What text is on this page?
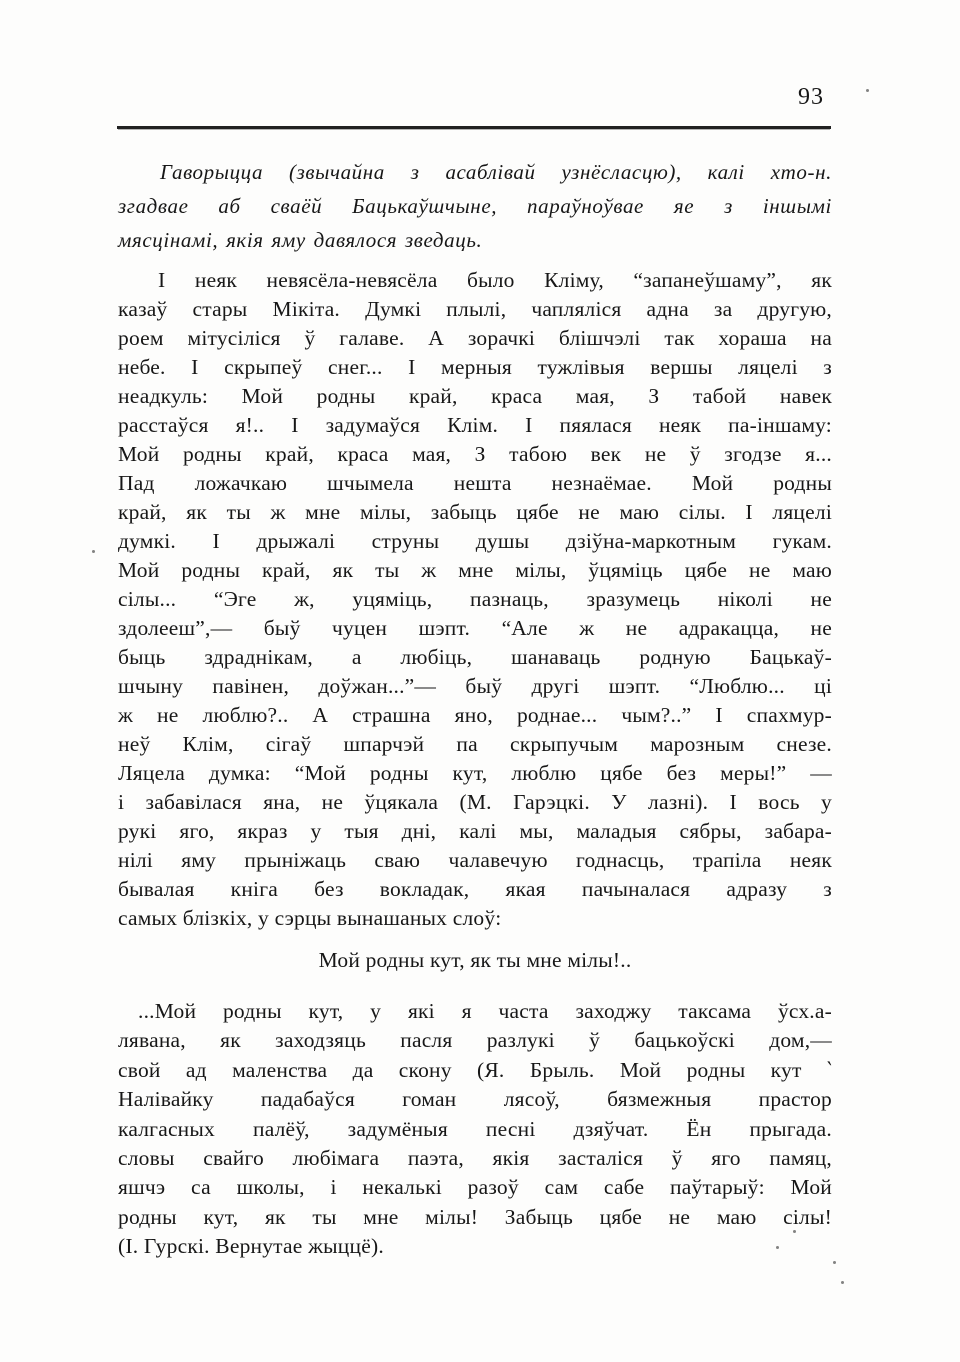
93
Гаворыцца (звычайна з асаблівай узнёсласцю), калі хто-н.
згадвае аб сваёй Бацькаўшчыне, параўноўвае яе з іншымі
мясцінамі, якія яму давялося зведаць.
І неяк невясёла-невясёла было Кліму, “запанеўшаму”, як
казаў стары Мікіта. Думкі плылі, чапляліся адна за другую,
роем мітусіліся ў галаве. А зорачкі блішчэлі так хораша на
небе. І скрыпеў снег... І мерныя тужлівыя вершы ляцелі з
неадкуль: Мой родны край, краса мая, З табой навек
расстаўся я!.. І задумаўся Клім. І пяялася неяк па-іншаму:
Мой родны край, краса мая, З табою век не ў згодзе я...
Пад ложачкаю шчымела нешта незнаёмае. Мой родны
край, як ты ж мне мілы, забыць цябе не маю сілы. І ляцелі
думкі. І дрыжалі струны душы дзіўна-маркотным гукам.
Мой родны край, як ты ж мне мілы, ўцяміць цябе не маю
сілы... “Эге ж, уцяміць, пазнаць, зразумець ніколі не
здолееш”,— быў чуцен шэпт. “Але ж не адракацца, не
быць здраднікам, а любіць, шанаваць родную Бацькаў-
шчыну павінен, доўжан...”— быў другі шэпт. “Люблю... ці
ж не люблю?.. А страшна яно, роднае... чым?..” І спахмур-
неў Клім, сігаў шпарчэй па скрыпучым марозным снезе.
Ляцела думка: “Мой родны кут, люблю цябе без меры!” —
і забавілася яна, не ўцякала (М. Гарэцкі. У лазні). І вось у
рукі яго, якраз у тыя дні, калі мы, маладыя сябры, забара-
нілі яму прыніжаць сваю чалавечую годнасць, трапіла неяк
бывалая кніга без вокладак, якая пачыналася адразу з
самых блізкіх, у сэрцы вынашаных слоў:
Мой родны кут, як ты мне мілы!..
...Мой родны кут, у які я часта заходжу таксама ўсх.а-
лявана, як заходзяць пасля разлукі ў бацькоўскі дом,—
свой ад маленства да скону (Я. Брыль. Мой родны кут ‵
Налівайку падабаўся гоман лясоў, бязмежныя прастор
калгасных палёў, задумёныя песні дзяўчат. Ён прыгада.
словы свайго любімага паэта, якія засталіся ў яго памяц,
яшчэ са школы, і некалькі разоў сам сабе паўтарыў: Мой
родны кут, як ты мне мілы! Забыць цябе не маю сілы!
(І. Гурскі. Вернутае жыццё).
